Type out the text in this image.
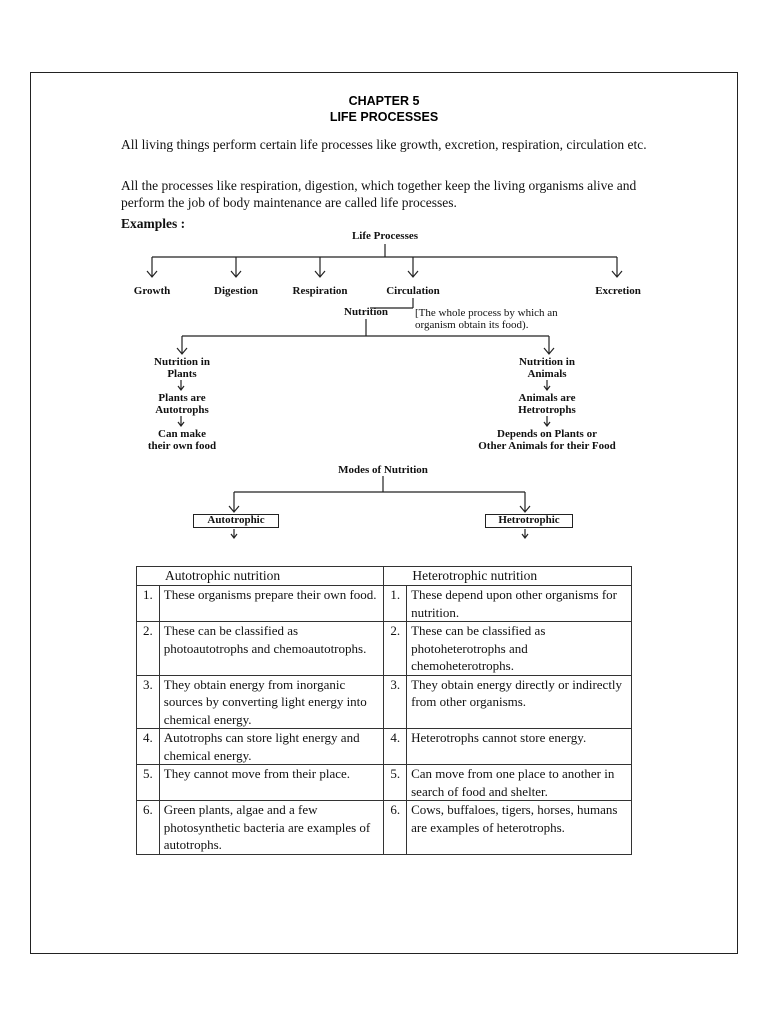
CHAPTER 5
LIFE PROCESSES
All living things perform certain life processes like growth, excretion, respiration, circulation etc.
All the processes like respiration, digestion, which together keep the living organisms alive and perform the job of body maintenance are called life processes.
Examples :
Life Processes
Growth	Digestion	Respiration	Circulation	Excretion
Nutrition	[The whole process by which an
organism obtain its food).
Nutrition in
Plants
Plants are
Autotrophs
Can make
their own food
Nutrition in
Animals
Animals are
Hetrotrophs
Depends on Plants or
Other Animals for their Food
Modes of Nutrition
Autotrophic	Hetrotrophic
Autotrophic nutrition		Heterotrophic nutrition	
1.	These organisms prepare their own food.	1.	These depend upon other organisms for nutrition.
2.	These can be classified as photoautotrophs and chemoautotrophs.	2.	These can be classified as photoheterotrophs and chemoheterotrophs.
3.	They obtain energy from inorganic sources by converting light energy into chemical energy.	3.	They obtain energy directly or indirectly from other organisms.
4.	Autotrophs can store light energy and chemical energy.	4.	Heterotrophs cannot store energy.
5.	They cannot move from their place.	5.	Can move from one place to another in search of food and shelter.
6.	Green plants, algae and a few photosynthetic bacteria are examples of autotrophs.	6.	Cows, buffaloes, tigers, horses, humans are examples of heterotrophs.
